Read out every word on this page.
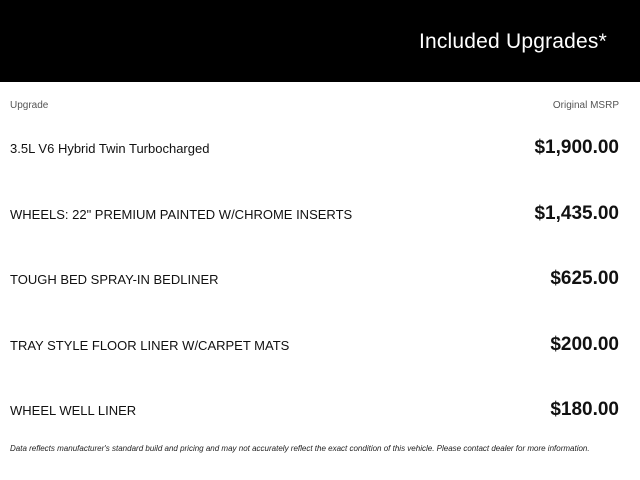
Included Upgrades*
Upgrade	Original MSRP
3.5L V6 Hybrid Twin Turbocharged	$1,900.00
WHEELS: 22" PREMIUM PAINTED W/CHROME INSERTS	$1,435.00
TOUGH BED SPRAY-IN BEDLINER	$625.00
TRAY STYLE FLOOR LINER W/CARPET MATS	$200.00
WHEEL WELL LINER	$180.00
Data reflects manufacturer's standard build and pricing and may not accurately reflect the exact condition of this vehicle. Please contact dealer for more information.
